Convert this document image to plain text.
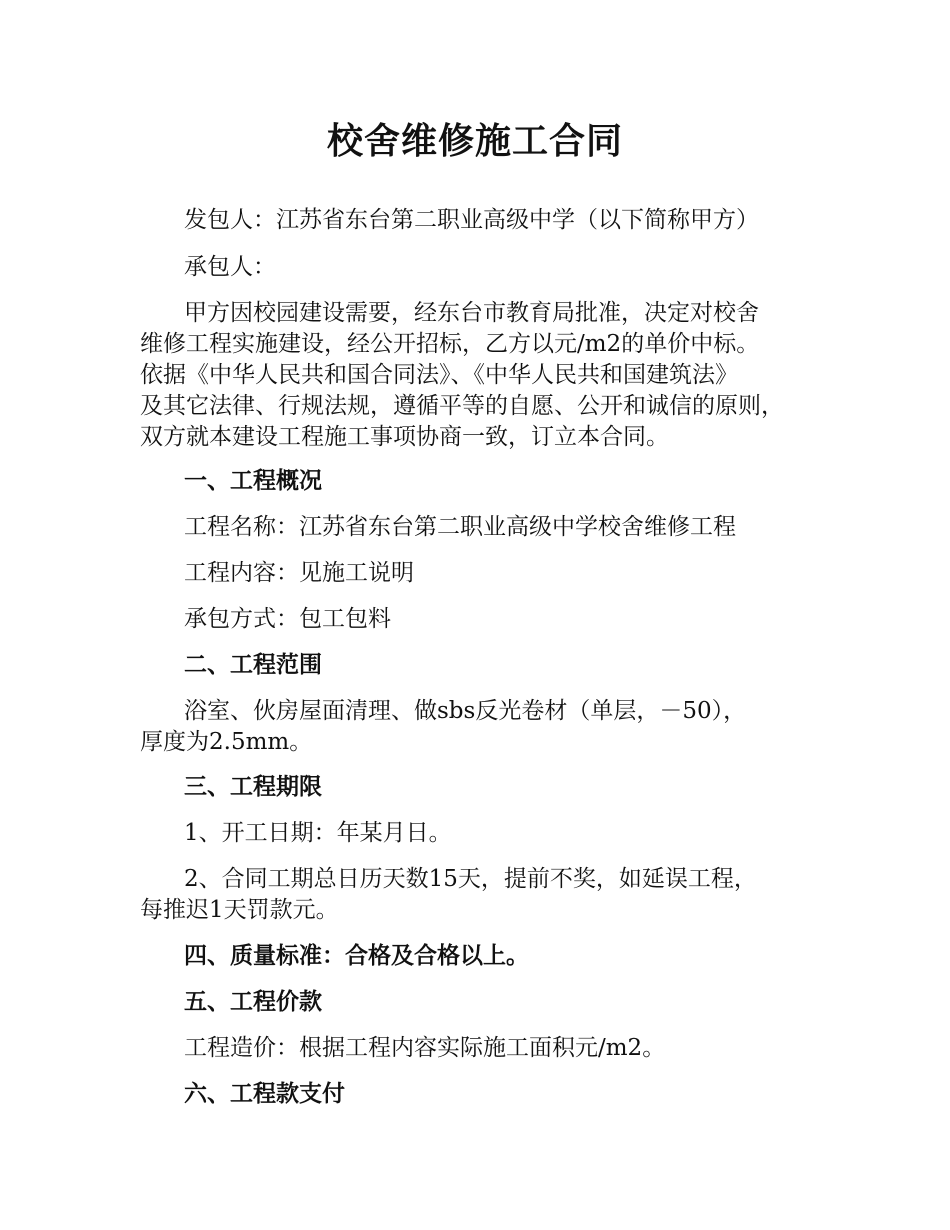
校舍维修施工合同

发包人：江苏省东台第二职业高级中学（以下简称甲方）

承包人：

甲方因校园建设需要，经东台市教育局批准，决定对校舍

维修工程实施建设，经公开招标，乙方以元/m2的单价中标。

依据《中华人民共和国合同法》、《中华人民共和国建筑法》

及其它法律、行规法规，遵循平等的自愿、公开和诚信的原则，

双方就本建设工程施工事项协商一致，订立本合同。

一、工程概况

工程名称：江苏省东台第二职业高级中学校舍维修工程

工程内容：见施工说明

承包方式：包工包料

二、工程范围

浴室、伙房屋面清理、做sbs反光卷材（单层，－50），

厚度为2.5mm。

三、工程期限

1、开工日期：年某月日。

2、合同工期总日历天数15天，提前不奖，如延误工程，

每推迟1天罚款元。

四、质量标准：合格及合格以上。

五、工程价款

工程造价：根据工程内容实际施工面积元/m2。

六、工程款支付
